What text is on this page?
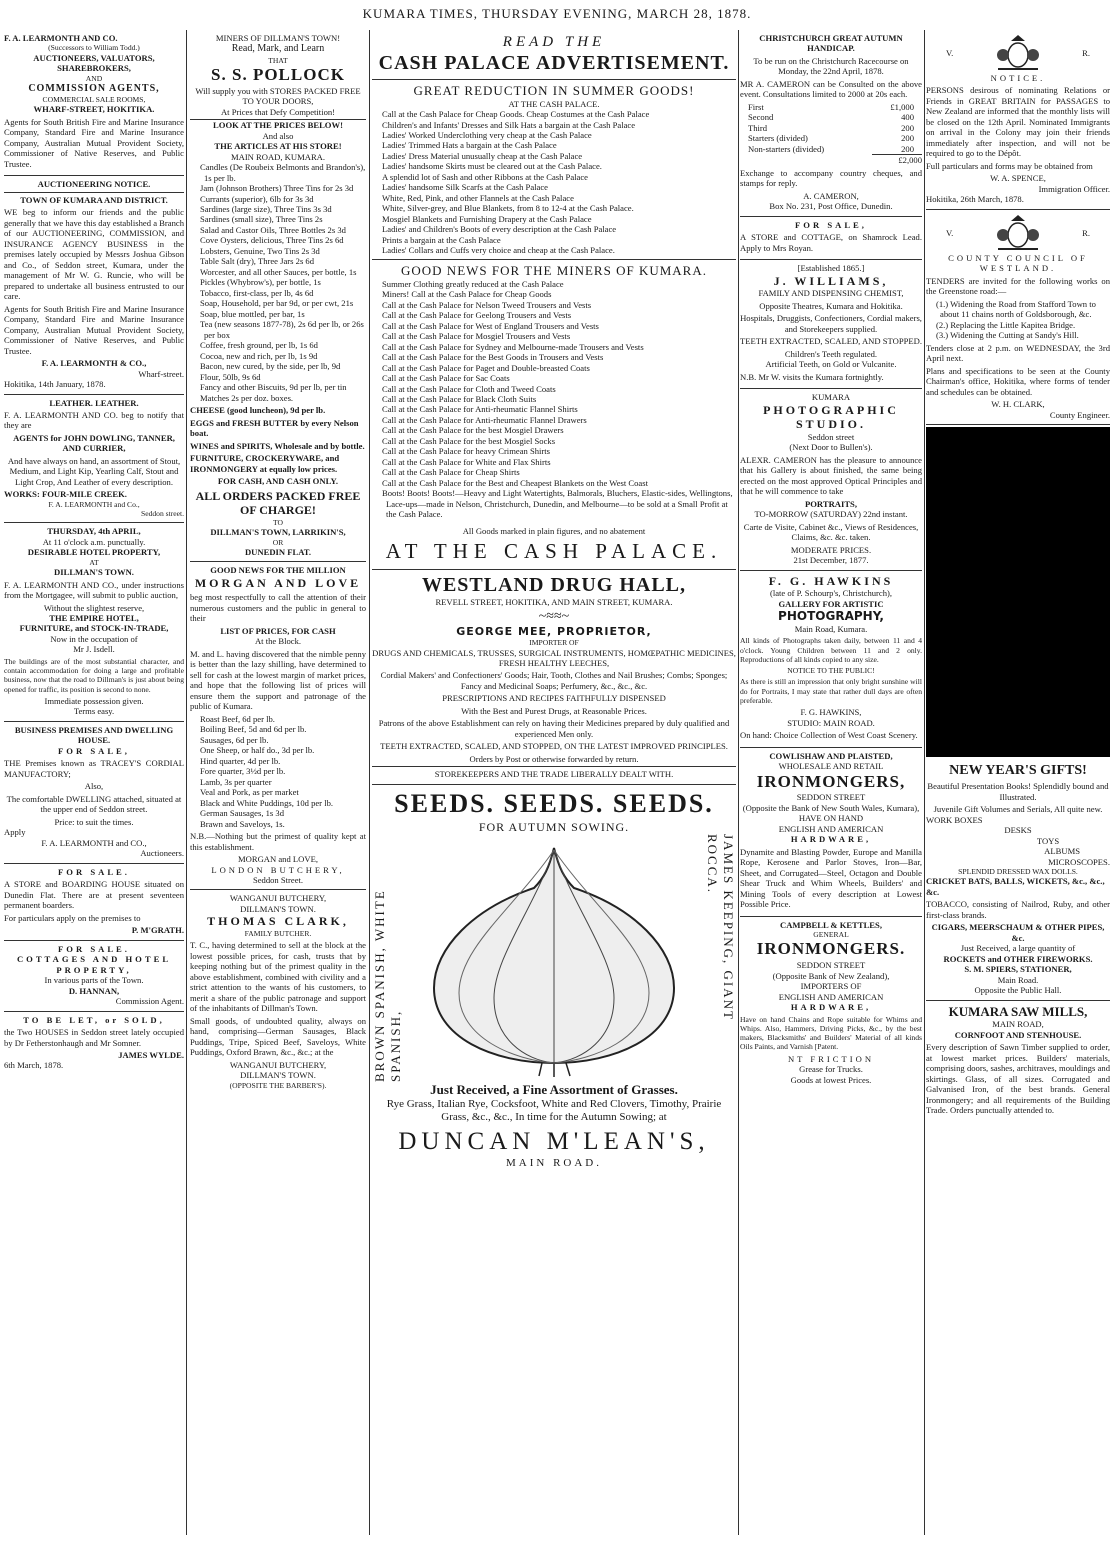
KUMARA TIMES, THURSDAY EVENING, MARCH 28, 1878.
F. A. LEARMONTH AND CO.
(Successors to William Todd.)
AUCTIONEERS, VALUATORS,
SHAREBROKERS,
AND
COMMISSION AGENTS,
COMMERCIAL SALE ROOMS,
WHARF-STREET, HOKITIKA.

Agents for South British Fire and Marine Insurance Company, Standard Fire and Marine Insurance Company, Australian Mutual Provident Society, Commissioner of Native Reserves, and Public Trustee.

AUCTIONEERING NOTICE.
TOWN OF KUMARA AND DISTRICT.

WE beg to inform our friends and the public generally that we have this day established a Branch of our AUCTIONEERING, COMMISSION, and INSURANCE AGENCY BUSINESS in the premises lately occupied by Messrs Joshua Gibson and Co., of Seddon street, Kumara, under the management of Mr W. G. Runcie, who will be prepared to undertake all business entrusted to our care.

Agents for South British Fire and Marine Insurance Company, Standard Fire and Marine Insurance Company, Australian Mutual Provident Society, Commissioner of Native Reserves, and Public Trustee.

F. A. LEARMONTH & CO.,
Wharf-street.
Hokitika, 14th January, 1878.
LEATHER. LEATHER.

F. A. LEARMONTH AND CO. beg to notify that they are

AGENTS for JOHN DOWLING, TANNER, AND CURRIER,

And have always on hand, an assortment of Stout, Medium, and Light Kip, Yearling Calf, Stout and Light Crop, And Leather of every description.

WORKS: FOUR-MILE CREEK.
F. A. LEARMONTH and Co.,
Seddon street.
THURSDAY, 4th APRIL,
At 11 o'clock a.m. punctually.
DESIRABLE HOTEL PROPERTY,
AT
DILLMAN'S TOWN.

F. A. LEARMONTH AND CO., under instructions from the Mortgagee, will submit to public auction,

Without the slightest reserve,
THE EMPIRE HOTEL,
FURNITURE, and STOCK-IN-TRADE,
Now in the occupation of
Mr J. Isdell.

The buildings are of the most substantial character, and contain accommodation for doing a large and profitable business, now that the road to Dillman's is just about being opened for traffic, its position is second to none.

Immediate possession given.
Terms easy.
BUSINESS PREMISES AND DWELLING HOUSE.
FOR SALE,

THE Premises known as TRACEY'S CORDIAL MANUFACTORY;

Also,

The comfortable DWELLING attached, situated at the upper end of Seddon street.

Price: to suit the times.
Apply
F. A. LEARMONTH and CO.,
Auctioneers.
FOR SALE.

A STORE and BOARDING HOUSE situated on Dunedin Flat. There are at present seventeen permanent boarders.

For particulars apply on the premises to

P. M'GRATH.
FOR SALE.
COTTAGES AND HOTEL
PROPERTY,
In various parts of the Town.
D. HANNAN,
Commission Agent.
TO BE LET, or SOLD,

the Two HOUSES in Seddon street lately occupied by Dr Fetherstonhaugh and Mr Somner.

JAMES WYLDE.
6th March, 1878.
MINERS OF DILLMAN'S TOWN!
Read, Mark, and Learn
THAT
S. S. POLLOCK
Will supply you with STORES PACKED FREE TO YOUR DOORS,
At Prices that Defy Competition!
LOOK AT THE PRICES BELOW!
And also
THE ARTICLES AT HIS STORE!
MAIN ROAD, KUMARA.
Candles (De Roubeix Belmonts and Brandon's), 1s per lb.
Jam (Johnson Brothers) Three Tins for 2s 3d
Currants (superior), 6lb for 3s 3d
Sardines (large size), Three Tins 3s 3d
Sardines (small size), Three Tins 2s
Salad and Castor Oils, Three Bottles 2s 3d
Cove Oysters, delicious, Three Tins 2s 6d
Lobsters, Genuine, Two Tins 2s 3d
Table Salt (dry), Three Jars 2s 6d
Worcester, and all other Sauces, per bottle, 1s
Pickles (Whybrow's), per bottle, 1s
Tobacco, first-class, per lb, 4s 6d
Soap, Household, per bar 9d, or per cwt, 21s
Soap, blue mottled, per bar, 1s
Tea (new seasons 1877-78), 2s 6d per lb, or 26s per box
Coffee, fresh ground, per lb, 1s 6d
Cocoa, new and rich, per lb, 1s 9d
Bacon, new cured, by the side, per lb, 9d
Flour, 50lb, 9s 6d
Fancy and other Biscuits, 9d per lb, per tin
Matches 2s per doz. boxes.

CHEESE (good luncheon), 9d per lb.

EGGS and FRESH BUTTER by every Nelson boat.

WINES and SPIRITS, Wholesale and by bottle.

FURNITURE, CROCKERYWARE, and IRONMONGERY at equally low prices.

FOR CASH, AND CASH ONLY.

ALL ORDERS PACKED FREE OF CHARGE!
TO
DILLMAN'S TOWN, LARRIKIN'S,
OR
DUNEDIN FLAT.
GOOD NEWS FOR THE MILLION
MORGAN AND LOVE

beg most respectfully to call the attention of their numerous customers and the public in general to their

LIST OF PRICES, FOR CASH
At the Block.

M. and L. having discovered that the nimble penny is better than the lazy shilling, have determined to sell for cash at the lowest margin of market prices, and hope that the following list of prices will ensure them the support and patronage of the public of Kumara.

Roast Beef, 6d per lb.
Boiling Beef, 5d and 6d per lb.
Sausages, 6d per lb.
One Sheep, or half do., 3d per lb.
Hind quarter, 4d per lb.
Fore quarter, 3½d per lb.
Lamb, 3s per quarter
Veal and Pork, as per market
Black and White Puddings, 10d per lb.
German Sausages, 1s 3d
Brawn and Saveloys, 1s.

N.B.—Nothing but the primest of quality kept at this establishment.

MORGAN and LOVE,
LONDON BUTCHERY,
Seddon Street.
WANGANUI BUTCHERY,
DILLMAN'S TOWN.
THOMAS CLARK,
FAMILY BUTCHER.

T. C., having determined to sell at the block at the lowest possible prices, for cash, trusts that by keeping nothing but of the primest quality in the above establishment, combined with civility and a strict attention to the wants of his customers, to merit a share of the public patronage and support of the inhabitants of Dillman's Town.

Small goods, of undoubted quality, always on hand, comprising—German Sausages, Black Puddings, Tripe, Spiced Beef, Saveloys, White Puddings, Oxford Brawn, &c., &c.; at the

WANGANUI BUTCHERY,
DILLMAN'S TOWN.
(OPPOSITE THE BARBER'S).
READ THE
CASH PALACE ADVERTISEMENT.
GREAT REDUCTION IN SUMMER GOODS!
AT THE CASH PALACE.
Call at the Cash Palace for Cheap Goods. Cheap Costumes at the Cash Palace
Children's and Infants' Dresses and Silk Hats a bargain at the Cash Palace
Ladies' Worked Underclothing very cheap at the Cash Palace
Ladies' Trimmed Hats a bargain at the Cash Palace
Ladies' Dress Material unusually cheap at the Cash Palace
Ladies' handsome Skirts must be cleared out at the Cash Palace.
A splendid lot of Sash and other Ribbons at the Cash Palace
Ladies' handsome Silk Scarfs at the Cash Palace
White, Red, Pink, and other Flannels at the Cash Palace
White, Silver-grey, and Blue Blankets, from 8 to 12-4 at the Cash Palace.
Mosgiel Blankets and Furnishing Drapery at the Cash Palace
Ladies' and Children's Boots of every description at the Cash Palace
Prints a bargain at the Cash Palace
Ladies' Collars and Cuffs very choice and cheap at the Cash Palace.
GOOD NEWS FOR THE MINERS OF KUMARA.
Summer Clothing greatly reduced at the Cash Palace
Miners! Call at the Cash Palace for Cheap Goods
Call at the Cash Palace for Nelson Tweed Trousers and Vests
Call at the Cash Palace for Geelong Trousers and Vests
Call at the Cash Palace for West of England Trousers and Vests
Call at the Cash Palace for Mosgiel Trousers and Vests
Call at the Cash Palace for Sydney and Melbourne-made Trousers and Vests
Call at the Cash Palace for the Best Goods in Trousers and Vests
Call at the Cash Palace for Paget and Double-breasted Coats
Call at the Cash Palace for Sac Coats
Call at the Cash Palace for Cloth and Tweed Coats
Call at the Cash Palace for Black Cloth Suits
Call at the Cash Palace for Anti-rheumatic Flannel Shirts
Call at the Cash Palace for Anti-rheumatic Flannel Drawers
Call at the Cash Palace for the best Mosgiel Drawers
Call at the Cash Palace for the best Mosgiel Socks
Call at the Cash Palace for heavy Crimean Shirts
Call at the Cash Palace for White and Flax Shirts
Call at the Cash Palace for Cheap Shirts
Call at the Cash Palace for the Best and Cheapest Blankets on the West Coast
Boots! Boots! Boots!—Heavy and Light Watertights, Balmorals, Bluchers, Elastic-sides, Wellingtons, Lace-ups—made in Nelson, Christchurch, Dunedin, and Melbourne—to be sold at a Small Profit at the Cash Palace.
All Goods marked in plain figures, and no abatement
AT THE CASH PALACE.
WESTLAND DRUG HALL,
REVELL STREET, HOKITIKA, AND MAIN STREET, KUMARA.
~≈≈~
GEORGE MEE, PROPRIETOR,
IMPORTER OF
DRUGS AND CHEMICALS, TRUSSES, SURGICAL INSTRUMENTS, HOMŒPATHIC MEDICINES, FRESH HEALTHY LEECHES,

Cordial Makers' and Confectioners' Goods; Hair, Tooth, Clothes and Nail Brushes; Combs; Sponges; Fancy and Medicinal Soaps; Perfumery, &c., &c., &c.

PRESCRIPTIONS AND RECIPES FAITHFULLY DISPENSED

With the Best and Purest Drugs, at Reasonable Prices.

Patrons of the above Establishment can rely on having their Medicines prepared by duly qualified and experienced Men only.

TEETH EXTRACTED, SCALED, AND STOPPED, ON THE LATEST IMPROVED PRINCIPLES.

Orders by Post or otherwise forwarded by return.

STOREKEEPERS AND THE TRADE LIBERALLY DEALT WITH.
SEEDS. SEEDS. SEEDS.
FOR AUTUMN SOWING.
BROWN SPANISH, WHITE SPANISH,
JAMES KEEPING, GIANT ROCCA.
Just Received, a Fine Assortment of Grasses.
Rye Grass, Italian Rye, Cocksfoot, White and Red Clovers, Timothy, Prairie Grass, &c., &c., In time for the Autumn Sowing; at
DUNCAN M'LEAN'S,
MAIN ROAD.
CHRISTCHURCH GREAT AUTUMN HANDICAP.

To be run on the Christchurch Racecourse on Monday, the 22nd April, 1878.

MR A. CAMERON can be Consulted on the above event. Consultations limited to 2000 at 20s each.

First	£1,000
Second	400
Third	200
Starters (divided)	200
Non-starters (divided)	200
£2,000

Exchange to accompany country cheques, and stamps for reply.

A. CAMERON,
Box No. 231, Post Office, Dunedin.
FOR SALE,

A STORE and COTTAGE, on Shamrock Lead. Apply to Mrs Royan.

[Established 1865.]
J. WILLIAMS,
FAMILY AND DISPENSING CHEMIST,

Opposite Theatres, Kumara and Hokitika.

Hospitals, Druggists, Confectioners, Cordial makers, and Storekeepers supplied.

TEETH EXTRACTED, SCALED, AND STOPPED.

Children's Teeth regulated.
Artificial Teeth, on Gold or Vulcanite.

N.B. Mr W. visits the Kumara fortnightly.

KUMARA
PHOTOGRAPHIC STUDIO.
Seddon street
(Next Door to Bullen's).

ALEXR. CAMERON has the pleasure to announce that his Gallery is about finished, the same being erected on the most approved Optical Principles and that he will commence to take

PORTRAITS,
TO-MORROW (SATURDAY) 22nd instant.

Carte de Visite, Cabinet &c., Views of Residences, Claims, &c. &c. taken.

MODERATE PRICES.
21st December, 1877.
F. G. HAWKINS
(late of P. Schourp's, Christchurch),
GALLERY FOR ARTISTIC
PHOTOGRAPHY,
Main Road, Kumara.

All kinds of Photographs taken daily, between 11 and 4 o'clock. Young Children between 11 and 2 only. Reproductions of all kinds copied to any size.

NOTICE TO THE PUBLIC!

As there is still an impression that only bright sunshine will do for Portraits, I may state that rather dull days are often preferable.

F. G. HAWKINS,
STUDIO: MAIN ROAD.

On hand: Choice Collection of West Coast Scenery.

COWLISHAW AND PLAISTED,
WHOLESALE AND RETAIL
IRONMONGERS,
SEDDON STREET
(Opposite the Bank of New South Wales, Kumara),
HAVE ON HAND
ENGLISH AND AMERICAN
HARDWARE,

Dynamite and Blasting Powder, Europe and Manilla Rope, Kerosene and Parlor Stoves, Iron—Bar, Sheet, and Corrugated—Steel, Octagon and Double Shear Truck and Whim Wheels, Builders' and Mining Tools of every description at Lowest Possible Price.

CAMPBELL & KETTLES,
GENERAL
IRONMONGERS.
SEDDON STREET
(Opposite Bank of New Zealand),
IMPORTERS OF
ENGLISH AND AMERICAN
HARDWARE,

Have on hand Chains and Rope suitable for Whims and Whips. Also, Hammers, Driving Picks, &c., by the best makers, Blacksmiths' and Builders' Material of all kinds Oils Paints, and Varnish [Patent.

NT FRICTION
Grease for Trucks.
Goods at lowest Prices.
V.	R.
NOTICE.

PERSONS desirous of nominating Relations or Friends in GREAT BRITAIN for PASSAGES to New Zealand are informed that the monthly lists will be closed on the 12th April. Nominated Immigrants on arrival in the Colony may join their friends immediately after inspection, and will not be required to go to the Dépôt.

Full particulars and forms may be obtained from

W. A. SPENCE,
Immigration Officer.
Hokitika, 26th March, 1878.
V.	R.
COUNTY COUNCIL OF WESTLAND.

TENDERS are invited for the following works on the Greenstone road:—

(1.) Widening the Road from Stafford Town to about 11 chains north of Goldsborough, &c.
(2.) Replacing the Little Kapitea Bridge.
(3.) Widening the Cutting at Sandy's Hill.

Tenders close at 2 p.m. on WEDNESDAY, the 3rd April next.

Plans and specifications to be seen at the County Chairman's office, Hokitika, where forms of tender and schedules can be obtained.

W. H. CLARK,
County Engineer.
NEW YEAR'S GIFTS!

Beautiful Presentation Books! Splendidly bound and Illustrated.

Juvenile Gift Volumes and Serials, All quite new.
WORK BOXES
DESKS
TOYS
ALBUMS
MICROSCOPES.
SPLENDID DRESSED WAX DOLLS.
CRICKET BATS, BALLS, WICKETS, &c., &c., &c.

TOBACCO, consisting of Nailrod, Ruby, and other first-class brands.

CIGARS, MEERSCHAUM & OTHER PIPES, &c.
Just Received, a large quantity of
ROCKETS and OTHER FIREWORKS.
S. M. SPIERS, STATIONER,
Main Road.
Opposite the Public Hall.
KUMARA SAW MILLS,
MAIN ROAD,
CORNFOOT AND STENHOUSE.

Every description of Sawn Timber supplied to order, at lowest market prices. Builders' materials, comprising doors, sashes, architraves, mouldings and skirtings. Glass, of all sizes. Corrugated and Galvanised Iron, of the best brands. General Ironmongery; and all requirements of the Building Trade. Orders punctually attended to.
